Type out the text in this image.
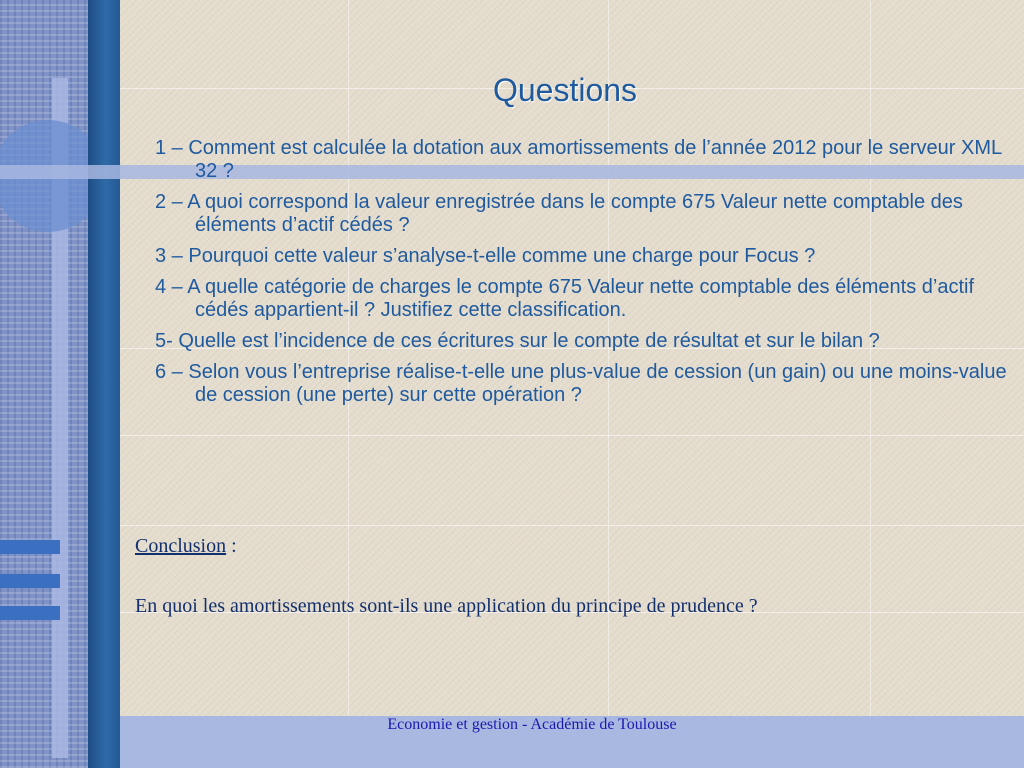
Questions
1 – Comment est calculée la dotation aux amortissements de l’année 2012 pour le serveur XML 32 ?
2 – A quoi correspond la valeur enregistrée dans le compte 675 Valeur nette comptable des éléments d’actif cédés ?
3 – Pourquoi cette valeur s’analyse-t-elle comme une charge pour Focus ?
4 – A quelle catégorie de charges le compte 675 Valeur nette comptable des éléments d’actif cédés appartient-il ? Justifiez cette classification.
5- Quelle est l’incidence de ces écritures sur le compte de résultat et sur le bilan ?
6 – Selon vous l’entreprise réalise-t-elle une plus-value de cession (un gain) ou une moins-value de cession (une perte) sur cette opération ?
Conclusion :
En quoi les amortissements sont-ils une application du principe de prudence ?
Economie et gestion - Académie de Toulouse
